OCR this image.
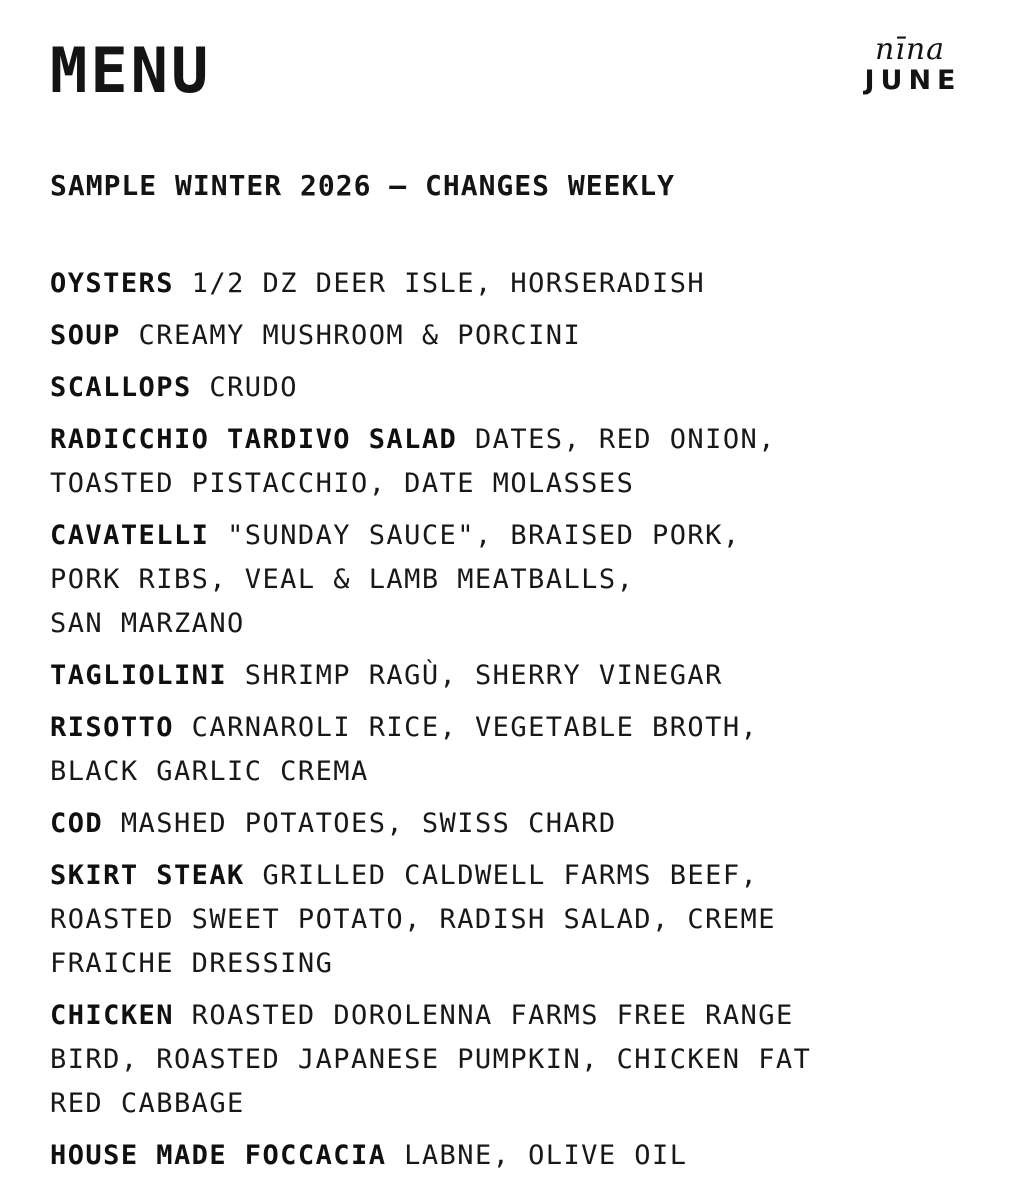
MENU	nīna
JUNE
SAMPLE WINTER 2026 — CHANGES WEEKLY
OYSTERS 1/2 DZ DEER ISLE, HORSERADISH
SOUP CREAMY MUSHROOM & PORCINI
SCALLOPS CRUDO
RADICCHIO TARDIVO SALAD DATES, RED ONION,
TOASTED PISTACCHIO, DATE MOLASSES
CAVATELLI "SUNDAY SAUCE", BRAISED PORK,
PORK RIBS, VEAL & LAMB MEATBALLS,
SAN MARZANO
TAGLIOLINI SHRIMP RAGÙ, SHERRY VINEGAR
RISOTTO CARNAROLI RICE, VEGETABLE BROTH,
BLACK GARLIC CREMA
COD MASHED POTATOES, SWISS CHARD
SKIRT STEAK GRILLED CALDWELL FARMS BEEF,
ROASTED SWEET POTATO, RADISH SALAD, CREME
FRAICHE DRESSING
CHICKEN ROASTED DOROLENNA FARMS FREE RANGE
BIRD, ROASTED JAPANESE PUMPKIN, CHICKEN FAT
RED CABBAGE
HOUSE MADE FOCCACIA LABNE, OLIVE OIL
